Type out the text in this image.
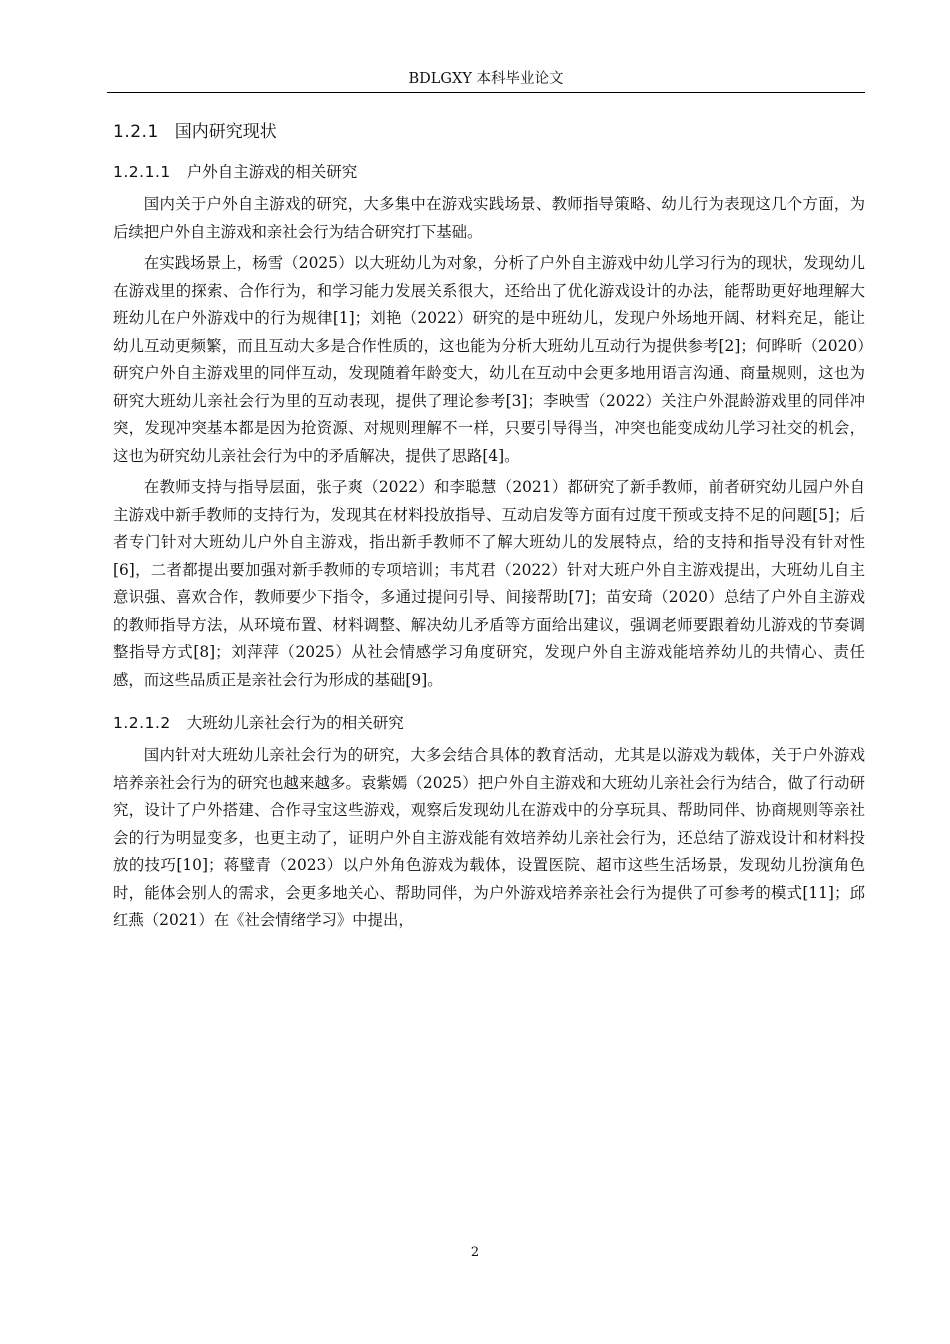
BDLGXY 本科毕业论文
1.2.1 国内研究现状
1.2.1.1 户外自主游戏的相关研究

国内关于户外自主游戏的研究，大多集中在游戏实践场景、教师指导策略、幼儿行为表现这几个方面，为后续把户外自主游戏和亲社会行为结合研究打下基础。

在实践场景上，杨雪（2025）以大班幼儿为对象，分析了户外自主游戏中幼儿学习行为的现状，发现幼儿在游戏里的探索、合作行为，和学习能力发展关系很大，还给出了优化游戏设计的办法，能帮助更好地理解大班幼儿在户外游戏中的行为规律[1]；刘艳（2022）研究的是中班幼儿，发现户外场地开阔、材料充足，能让幼儿互动更频繁，而且互动大多是合作性质的，这也能为分析大班幼儿互动行为提供参考[2]；何晔昕（2020）研究户外自主游戏里的同伴互动，发现随着年龄变大，幼儿在互动中会更多地用语言沟通、商量规则，这也为研究大班幼儿亲社会行为里的互动表现，提供了理论参考[3]；李映雪（2022）关注户外混龄游戏里的同伴冲突，发现冲突基本都是因为抢资源、对规则理解不一样，只要引导得当，冲突也能变成幼儿学习社交的机会，这也为研究幼儿亲社会行为中的矛盾解决，提供了思路[4]。

在教师支持与指导层面，张子爽（2022）和李聪慧（2021）都研究了新手教师，前者研究幼儿园户外自主游戏中新手教师的支持行为，发现其在材料投放指导、互动启发等方面有过度干预或支持不足的问题[5]；后者专门针对大班幼儿户外自主游戏，指出新手教师不了解大班幼儿的发展特点，给的支持和指导没有针对性[6]，二者都提出要加强对新手教师的专项培训；韦芃君（2022）针对大班户外自主游戏提出，大班幼儿自主意识强、喜欢合作，教师要少下指令，多通过提问引导、间接帮助[7]；苗安琦（2020）总结了户外自主游戏的教师指导方法，从环境布置、材料调整、解决幼儿矛盾等方面给出建议，强调老师要跟着幼儿游戏的节奏调整指导方式[8]；刘萍萍（2025）从社会情感学习角度研究，发现户外自主游戏能培养幼儿的共情心、责任感，而这些品质正是亲社会行为形成的基础[9]。

1.2.1.2 大班幼儿亲社会行为的相关研究

国内针对大班幼儿亲社会行为的研究，大多会结合具体的教育活动，尤其是以游戏为载体，关于户外游戏培养亲社会行为的研究也越来越多。袁紫嫣（2025）把户外自主游戏和大班幼儿亲社会行为结合，做了行动研究，设计了户外搭建、合作寻宝这些游戏，观察后发现幼儿在游戏中的分享玩具、帮助同伴、协商规则等亲社会的行为明显变多，也更主动了，证明户外自主游戏能有效培养幼儿亲社会行为，还总结了游戏设计和材料投放的技巧[10]；蒋璧青（2023）以户外角色游戏为载体，设置医院、超市这些生活场景，发现幼儿扮演角色时，能体会别人的需求，会更多地关心、帮助同伴，为户外游戏培养亲社会行为提供了可参考的模式[11]；邱红燕（2021）在《社会情绪学习》中提出，

2
